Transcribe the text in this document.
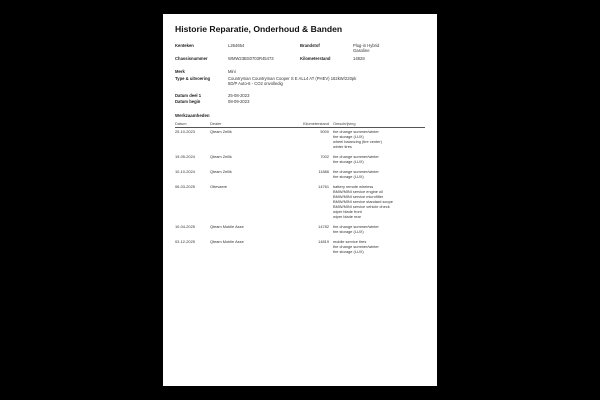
Historie Reparatie, Onderhoud & Banden
Kenteken	L264654	Brandstof	Plug-in Hybrid
Gasoline
Chassisnummer	WMW23BS0703R45473	Kilometerstand	14828
Merk	Mini
Type & uitvoering	Countryman Countryman Cooper S E ALL4 AT (PHEV) 162kW/220pk
5D/P Auto-6 - CO2 onvolledig
Datum deel 1	25-08-2023
Datum begin	08-09-2023
Werkzaamheden
Datum	Dealer		Kilometerstand	Omschrijving
25-10-2023	Qteam Zellik		5000	tire change summer/winter
				tire storage (LUX)
				wheel balancing (tire center)
				winter tires

19-05-2024	Qteam Zellik		7002	tire change summer/winter
				tire storage (LUX)

10-10-2024	Qteam Zellik		11886	tire change summer/winter
				tire storage (LUX)

06-03-2025	Ottevaere		14761	battery remote wireless
				BMW/MINI service engine oil
				BMW/MINI service microfilter
				BMW/MINI service standard scope
				BMW/MINI service vehicle check
				wiper blade front
				wiper blade rear

10-04-2025	Qteam Mobile Asse		14782	tire change summer/winter
				tire storage (LUX)

03-12-2025	Qteam Mobile Asse		14819	mobile service tires
				tire change summer/winter
				tire storage (LUX)
